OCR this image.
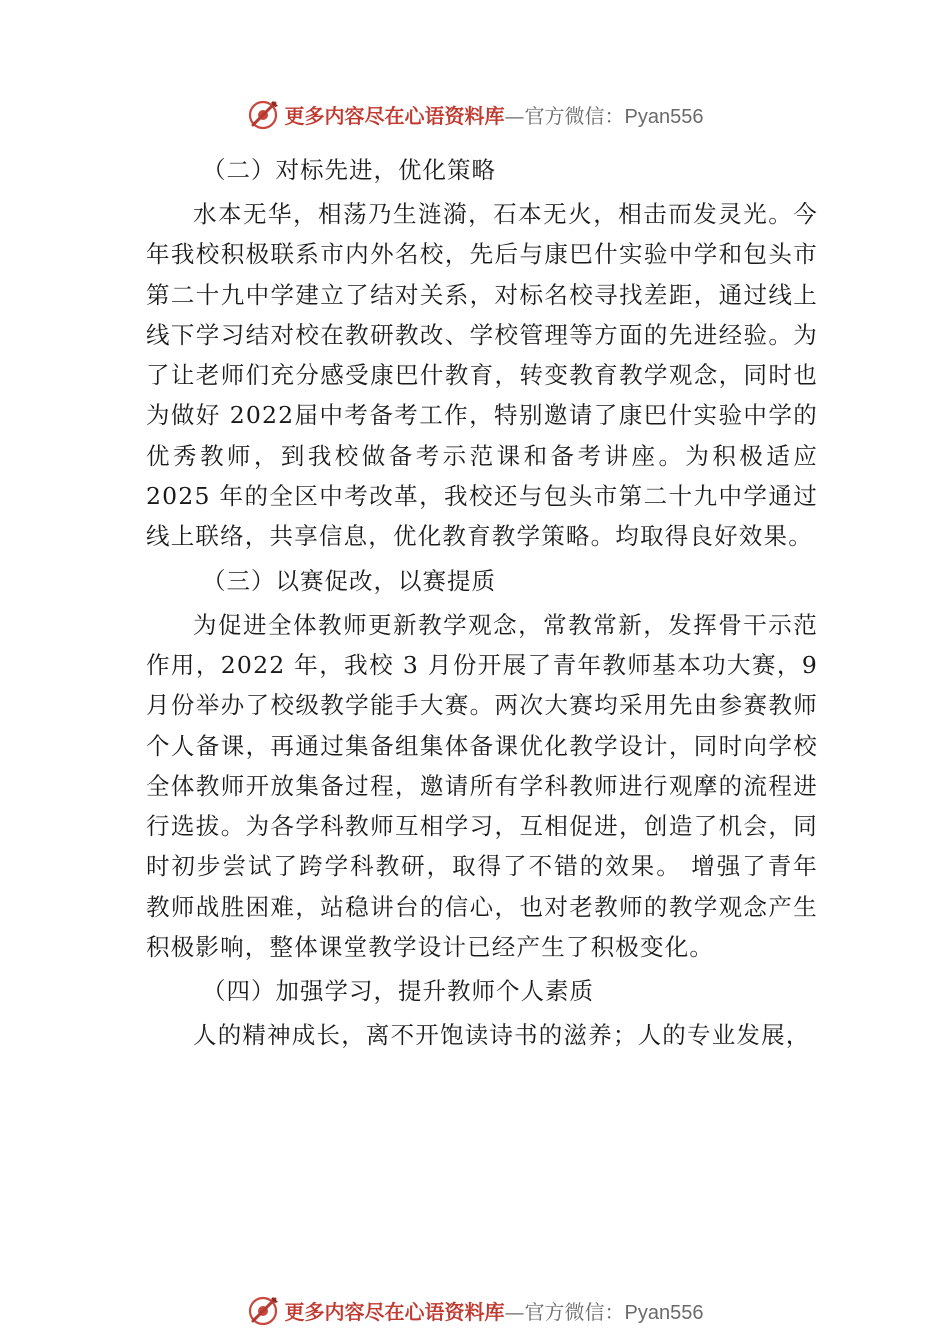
更多内容尽在心语资料库—官方微信：Pyan556

（二）对标先进，优化策略

水本无华，相荡乃生涟漪，石本无火，相击而发灵光。今年我校积极联系市内外名校，先后与康巴什实验中学和包头市第二十九中学建立了结对关系，对标名校寻找差距，通过线上线下学习结对校在教研教改、学校管理等方面的先进经验。为了让老师们充分感受康巴什教育，转变教育教学观念，同时也为做好 2022届中考备考工作，特别邀请了康巴什实验中学的优秀教师，到我校做备考示范课和备考讲座。为积极适应 2025 年的全区中考改革，我校还与包头市第二十九中学通过线上联络，共享信息，优化教育教学策略。均取得良好效果。

（三）以赛促改，以赛提质

为促进全体教师更新教学观念，常教常新，发挥骨干示范作用，2022 年，我校 3 月份开展了青年教师基本功大赛，9 月份举办了校级教学能手大赛。两次大赛均采用先由参赛教师个人备课，再通过集备组集体备课优化教学设计，同时向学校全体教师开放集备过程，邀请所有学科教师进行观摩的流程进行选拔。为各学科教师互相学习，互相促进，创造了机会，同时初步尝试了跨学科教研，取得了不错的效果。 增强了青年教师战胜困难，站稳讲台的信心，也对老教师的教学观念产生积极影响，整体课堂教学设计已经产生了积极变化。

（四）加强学习，提升教师个人素质

人的精神成长，离不开饱读诗书的滋养；人的专业发展，

更多内容尽在心语资料库—官方微信：Pyan556
